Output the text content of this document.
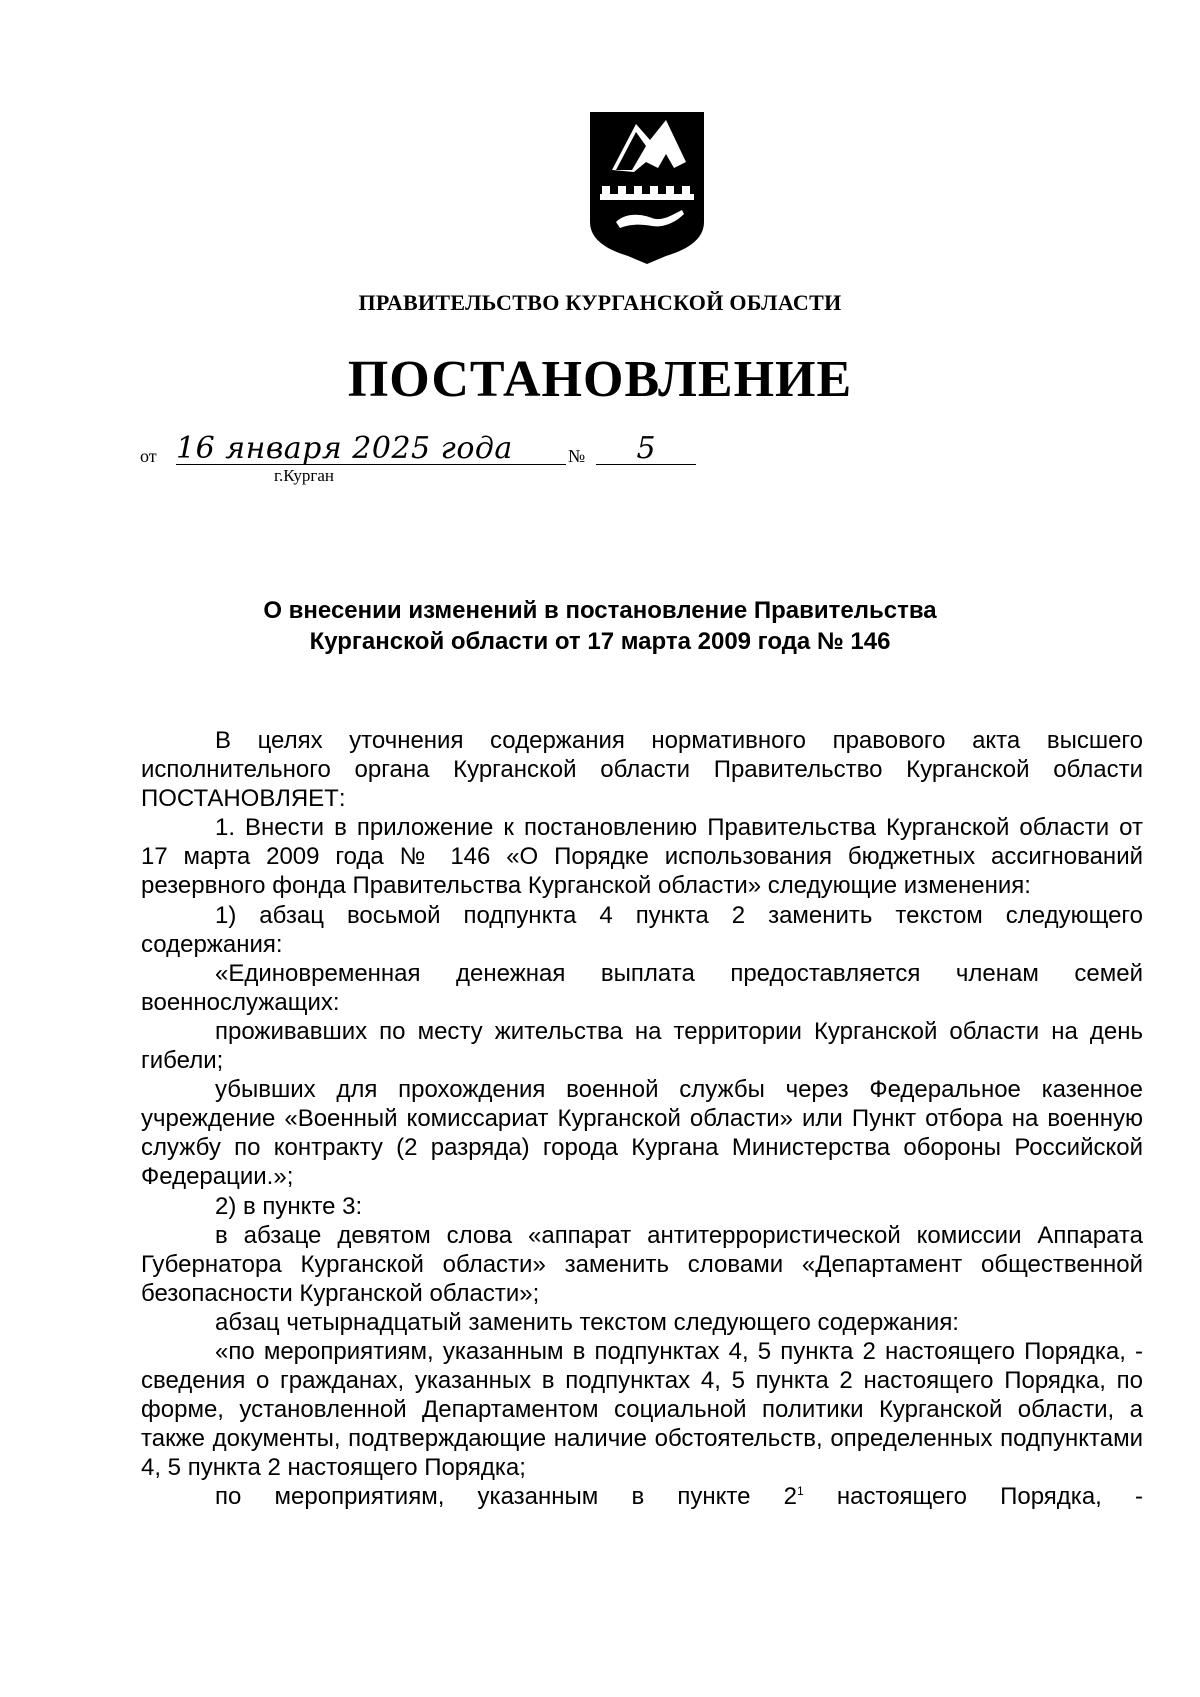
ПРАВИТЕЛЬСТВО КУРГАНСКОЙ ОБЛАСТИ
ПОСТАНОВЛЕНИЕ
от 16 января 2025 года	№	5
г.Курган
О внесении изменений в постановление Правительства
Курганской области от 17 марта 2009 года № 146

В целях уточнения содержания нормативного правового акта высшего исполнительного органа Курганской области Правительство Курганской области ПОСТАНОВЛЯЕТ:

1. Внести в приложение к постановлению Правительства Курганской области от 17 марта 2009 года № 146 «О Порядке использования бюджетных ассигнований резервного фонда Правительства Курганской области» следующие изменения:

1) абзац восьмой подпункта 4 пункта 2 заменить текстом следующего содержания:

«Единовременная денежная выплата предоставляется членам семей военнослужащих:

проживавших по месту жительства на территории Курганской области на день гибели;

убывших для прохождения военной службы через Федеральное казенное учреждение «Военный комиссариат Курганской области» или Пункт отбора на военную службу по контракту (2 разряда) города Кургана Министерства обороны Российской Федерации.»;

2) в пункте 3:

в абзаце девятом слова «аппарат антитеррористической комиссии Аппарата Губернатора Курганской области» заменить словами «Департамент общественной безопасности Курганской области»;

абзац четырнадцатый заменить текстом следующего содержания:

«по мероприятиям, указанным в подпунктах 4, 5 пункта 2 настоящего Порядка, - сведения о гражданах, указанных в подпунктах 4, 5 пункта 2 настоящего Порядка, по форме, установленной Департаментом социальной политики Курганской области, а также документы, подтверждающие наличие обстоятельств, определенных подпунктами 4, 5 пункта 2 настоящего Порядка;

по мероприятиям, указанным в пункте $2^1$ настоящего Порядка, -
